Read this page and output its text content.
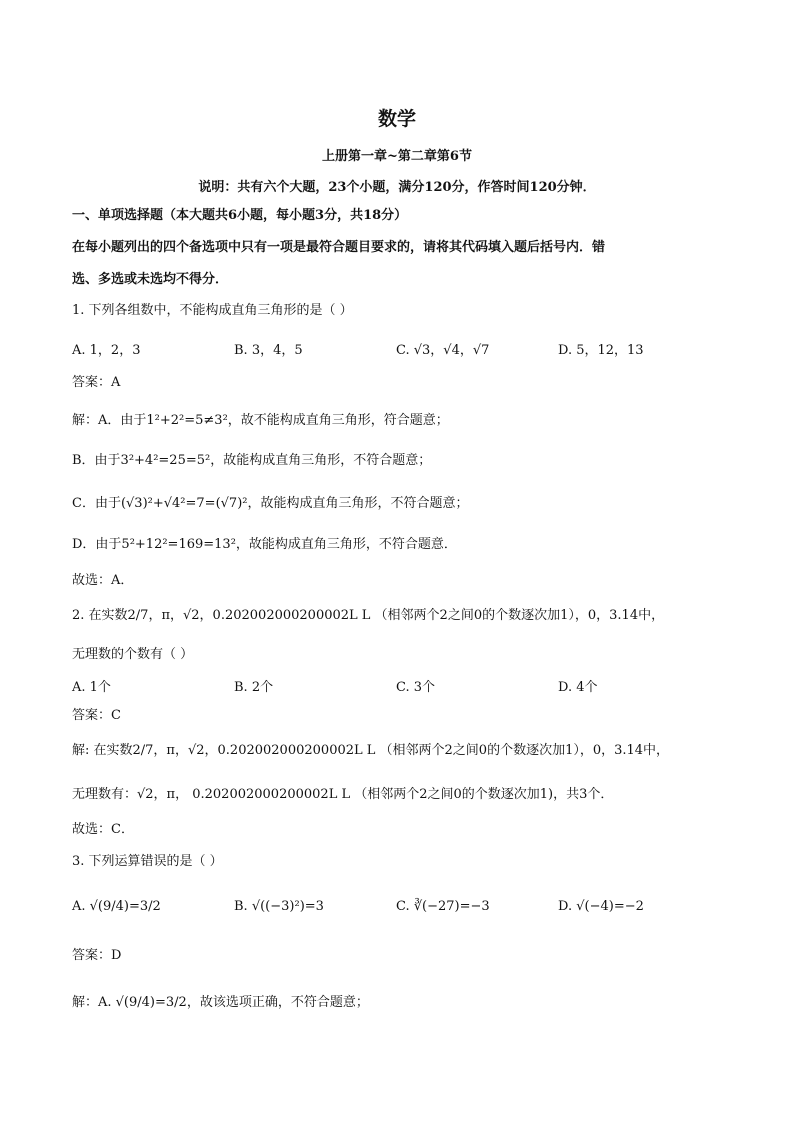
数学
上册第一章~第二章第6节
说明：共有六个大题，23个小题，满分120分，作答时间120分钟．
一、单项选择题（本大题共6小题，每小题3分，共18分）
在每小题列出的四个备选项中只有一项是最符合题目要求的，请将其代码填入题后括号内．错
选、多选或未选均不得分．
1. 下列各组数中，不能构成直角三角形的是（ ）
A. 1，2，3	B. 3，4，5	C. √3，√4，√7	D. 5，12，13
答案：A
解：A．由于1²+2²=5≠3²，故不能构成直角三角形，符合题意；
B．由于3²+4²=25=5²，故能构成直角三角形，不符合题意；
C．由于(√3)²+√4²=7=(√7)²，故能构成直角三角形，不符合题意；
D．由于5²+12²=169=13²，故能构成直角三角形，不符合题意．
故选：A．
2. 在实数2/7，π，√2，0.202002000200002L L （相邻两个2之间0的个数逐次加1），0，3.14中，
无理数的个数有（ ）
A. 1个	B. 2个	C. 3个	D. 4个
答案：C
解: 在实数2/7，π，√2，0.202002000200002L L （相邻两个2之间0的个数逐次加1），0，3.14中，
无理数有：√2，π， 0.202002000200002L L （相邻两个2之间0的个数逐次加1)，共3个．
故选：C．
3. 下列运算错误的是（ ）
A. √(9/4)=3/2	B. √((−3)²)=3	C. ∛(−27)=−3	D. √(−4)=−2
答案：D
解：A. √(9/4)=3/2，故该选项正确，不符合题意；
